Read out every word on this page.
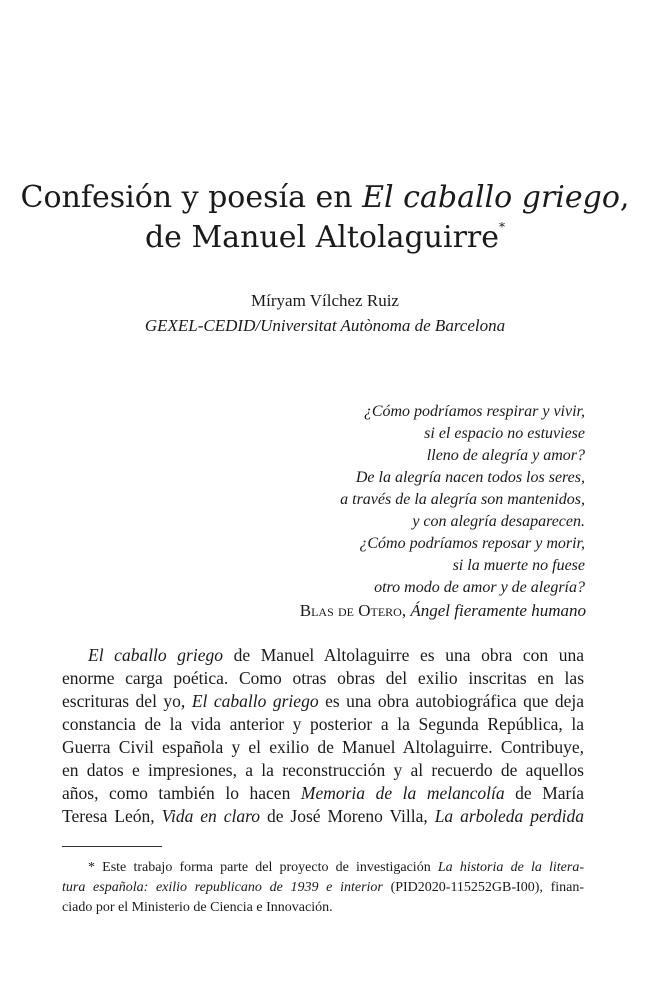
Confesión y poesía en El caballo griego,
de Manuel Altolaguirre*
Míryam Vílchez Ruiz
GEXEL-CEDID/Universitat Autònoma de Barcelona
¿Cómo podríamos respirar y vivir,
si el espacio no estuviese
lleno de alegría y amor?
De la alegría nacen todos los seres,
a través de la alegría son mantenidos,
y con alegría desaparecen.
¿Cómo podríamos reposar y morir,
si la muerte no fuese
otro modo de amor y de alegría?
Blas de Otero, Ángel fieramente humano
El caballo griego de Manuel Altolaguirre es una obra con una
enorme carga poética. Como otras obras del exilio inscritas en las
escrituras del yo, El caballo griego es una obra autobiográfica que deja
constancia de la vida anterior y posterior a la Segunda República, la
Guerra Civil española y el exilio de Manuel Altolaguirre. Contribuye,
en datos e impresiones, a la reconstrucción y al recuerdo de aquellos
años, como también lo hacen Memoria de la melancolía de María
Teresa León, Vida en claro de José Moreno Villa, La arboleda perdida
* Este trabajo forma parte del proyecto de investigación La historia de la litera-
tura española: exilio republicano de 1939 e interior (PID2020-115252GB-I00), finan-
ciado por el Ministerio de Ciencia e Innovación.
